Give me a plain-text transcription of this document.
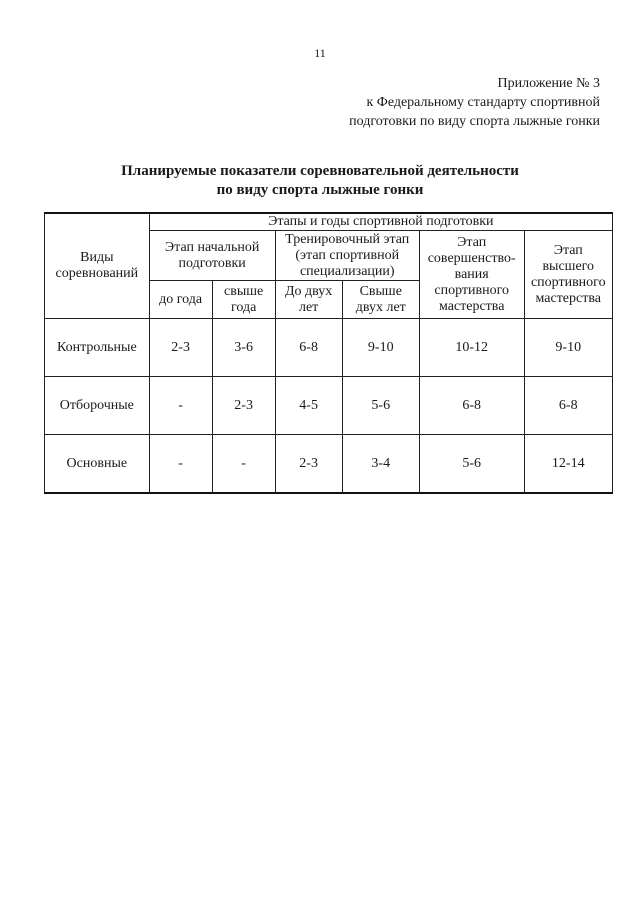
11
Приложение № 3
к Федеральному стандарту спортивной
подготовки по виду спорта лыжные гонки
Планируемые показатели соревновательной деятельности
по виду спорта лыжные гонки
Виды соревнований	Этапы и годы спортивной подготовки					
	Этап начальной подготовки		Тренировочный этап (этап спортивной специализации)		Этап совершенство-вания спортивного мастерства	Этап высшего спортивного мастерства
	до года	свыше года	До двух лет	Свыше двух лет		
Контрольные	2-3	3-6	6-8	9-10	10-12	9-10
Отборочные	-	2-3	4-5	5-6	6-8	6-8
Основные	-	-	2-3	3-4	5-6	12-14
